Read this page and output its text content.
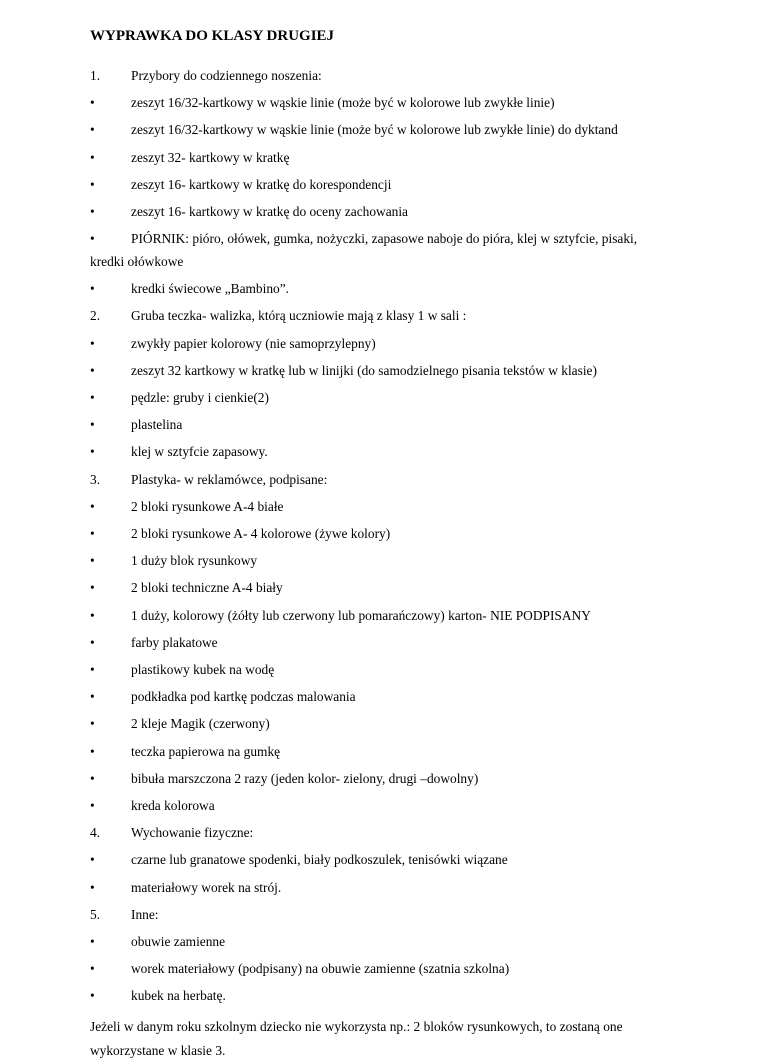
WYPRAWKA DO KLASY DRUGIEJ
1. Przybory do codziennego noszenia:
•	zeszyt 16/32-kartkowy w wąskie linie (może być w kolorowe lub zwykłe linie)
•	zeszyt 16/32-kartkowy w wąskie linie (może być w kolorowe lub zwykłe linie) do dyktand
•	zeszyt 32- kartkowy w kratkę
•	zeszyt 16- kartkowy w kratkę do korespondencji
•	zeszyt 16- kartkowy w kratkę do oceny zachowania
•	PIÓRNIK: pióro, ołówek, gumka, nożyczki, zapasowe naboje do pióra, klej w sztyfcie, pisaki,
kredki ołówkowe
•	kredki świecowe „Bambino”.
2. Gruba teczka- walizka, którą uczniowie mają z klasy 1 w sali :
•	zwykły papier kolorowy (nie samoprzylepny)
•	zeszyt 32 kartkowy w kratkę lub w linijki (do samodzielnego pisania tekstów w klasie)
•	pędzle: gruby i cienkie(2)
•	plastelina
•	klej w sztyfcie zapasowy.
3. Plastyka- w reklamówce, podpisane:
•	2 bloki rysunkowe A-4 białe
•	2 bloki rysunkowe A- 4 kolorowe (żywe kolory)
•	1 duży blok rysunkowy
•	2 bloki techniczne A-4 biały
•	1 duży, kolorowy (żółty lub czerwony lub pomarańczowy) karton- NIE PODPISANY
•	farby plakatowe
•	plastikowy kubek na wodę
•	podkładka pod kartkę podczas malowania
•	2 kleje Magik (czerwony)
•	teczka papierowa na gumkę
•	bibuła marszczona 2 razy (jeden kolor- zielony, drugi –dowolny)
•	kreda kolorowa
4. Wychowanie fizyczne:
•	czarne lub granatowe spodenki, biały podkoszulek, tenisówki wiązane
•	materiałowy worek na strój.
5. Inne:
•	obuwie zamienne
•	worek materiałowy (podpisany) na obuwie zamienne (szatnia szkolna)
•	kubek na herbatę.
Jeżeli w danym roku szkolnym dziecko nie wykorzysta np.: 2 bloków rysunkowych, to zostaną one
wykorzystane w klasie 3.
